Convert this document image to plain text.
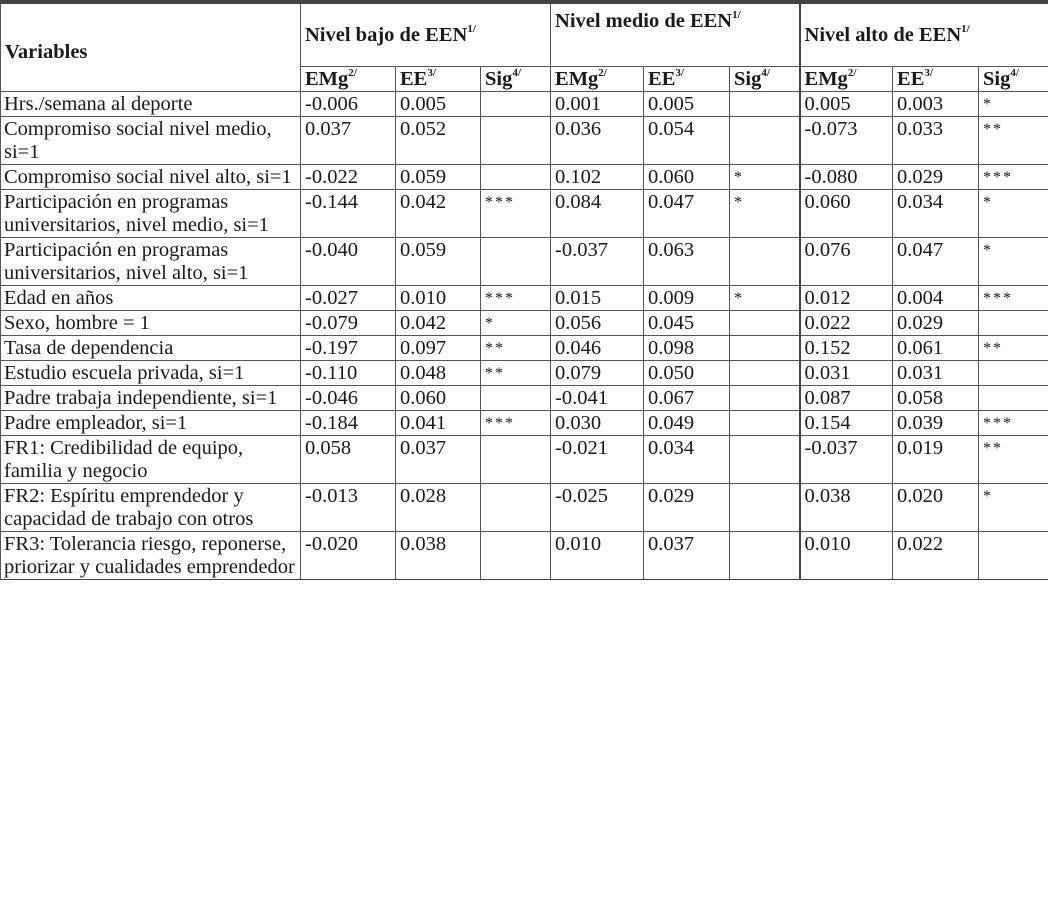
Variables	Nivel bajo de $EEN^{1/}$			Nivel medio de $EEN^{1/}$			Nivel alto de $EEN^{1/}$
	EMg$^{2/}$	$EE^{3/}$	Sig$^{4/}$	EMg$^{2/}$	$EE^{3/}$	Sig$^{4/}$	EMg$^{2/}$	$EE^{3/}$	Sig$^{4/}$
Hrs./semana al deporte	-0.006	0.005		0.001	0.005		0.005	0.003	*
Compromiso social nivel medio, si=1	0.037	0.052		0.036	0.054		-0.073	0.033	**
Compromiso social nivel alto, si=1	-0.022	0.059		0.102	0.060	*	-0.080	0.029	***
Participación en programas universitarios, nivel medio, si=1	-0.144	0.042	***	0.084	0.047	*	0.060	0.034	*
Participación en programas universitarios, nivel alto, si=1	-0.040	0.059		-0.037	0.063		0.076	0.047	*
Edad en años	-0.027	0.010	***	0.015	0.009	*	0.012	0.004	***
Sexo, hombre = 1	-0.079	0.042	*	0.056	0.045		0.022	0.029	
Tasa de dependencia	-0.197	0.097	**	0.046	0.098		0.152	0.061	**
Estudio escuela privada, si=1	-0.110	0.048	**	0.079	0.050		0.031	0.031	
Padre trabaja independiente, si=1	-0.046	0.060		-0.041	0.067		0.087	0.058	
Padre empleador, si=1	-0.184	0.041	***	0.030	0.049		0.154	0.039	***
FR1: Credibilidad de equipo, familia y negocio	0.058	0.037		-0.021	0.034		-0.037	0.019	**
FR2: Espíritu emprendedor y capacidad de trabajo con otros	-0.013	0.028		-0.025	0.029		0.038	0.020	*
FR3: Tolerancia riesgo, reponerse, priorizar y cualidades emprendedor	-0.020	0.038		0.010	0.037		0.010	0.022	
